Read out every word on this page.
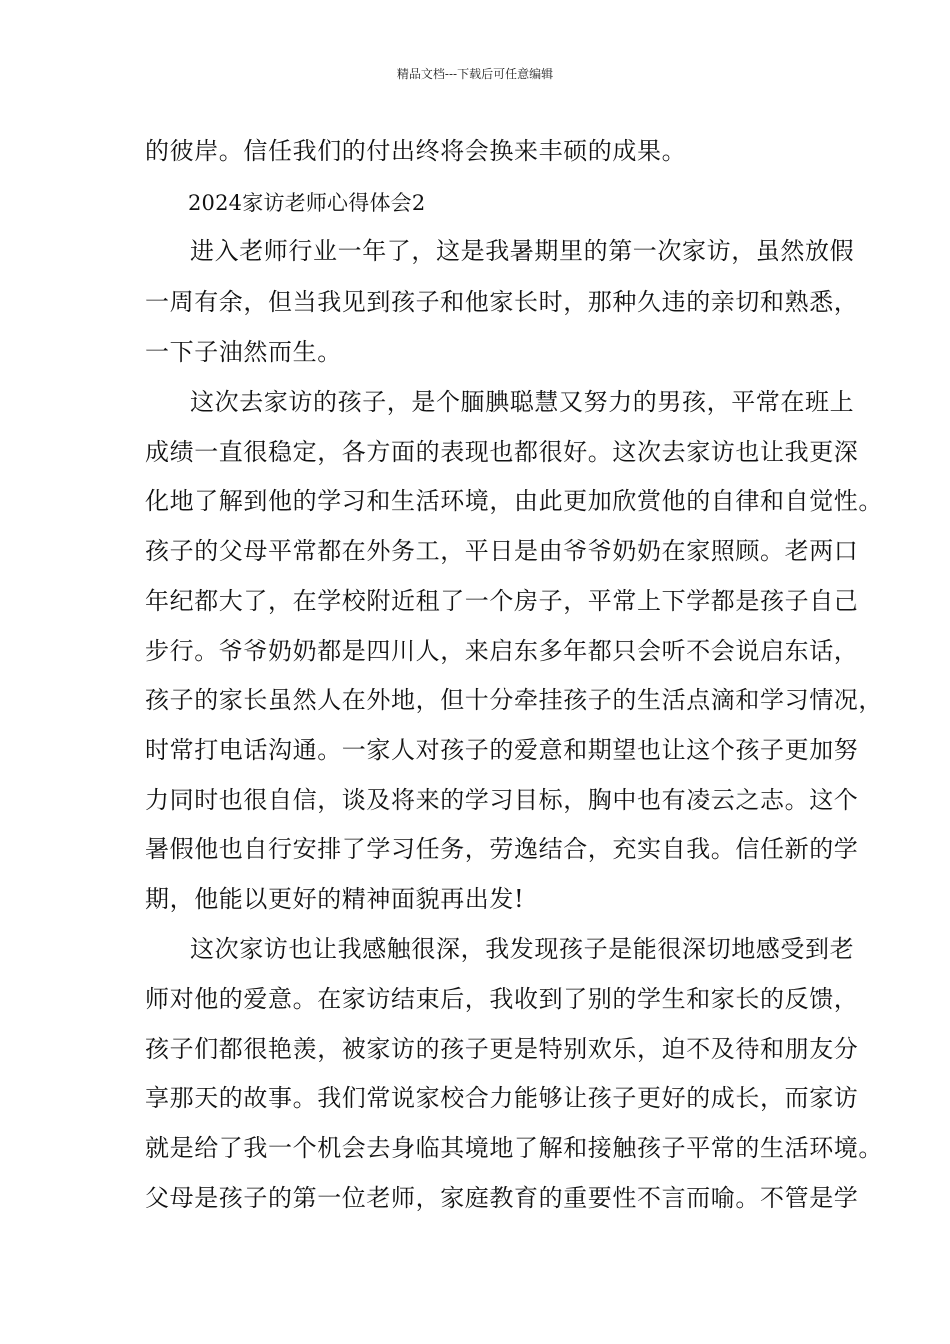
精品文档---下载后可任意编辑
的彼岸。信任我们的付出终将会换来丰硕的成果。
2024家访老师心得体会2
进入老师行业一年了，这是我暑期里的第一次家访，虽然放假
一周有余，但当我见到孩子和他家长时，那种久违的亲切和熟悉，
一下子油然而生。
这次去家访的孩子，是个腼腆聪慧又努力的男孩，平常在班上
成绩一直很稳定，各方面的表现也都很好。这次去家访也让我更深
化地了解到他的学习和生活环境，由此更加欣赏他的自律和自觉性。
孩子的父母平常都在外务工，平日是由爷爷奶奶在家照顾。老两口
年纪都大了，在学校附近租了一个房子，平常上下学都是孩子自己
步行。爷爷奶奶都是四川人，来启东多年都只会听不会说启东话，
孩子的家长虽然人在外地，但十分牵挂孩子的生活点滴和学习情况，
时常打电话沟通。一家人对孩子的爱意和期望也让这个孩子更加努
力同时也很自信，谈及将来的学习目标，胸中也有凌云之志。这个
暑假他也自行安排了学习任务，劳逸结合，充实自我。信任新的学
期，他能以更好的精神面貌再出发!
这次家访也让我感触很深，我发现孩子是能很深切地感受到老
师对他的爱意。在家访结束后，我收到了别的学生和家长的反馈，
孩子们都很艳羡，被家访的孩子更是特别欢乐，迫不及待和朋友分
享那天的故事。我们常说家校合力能够让孩子更好的成长，而家访
就是给了我一个机会去身临其境地了解和接触孩子平常的生活环境。
父母是孩子的第一位老师，家庭教育的重要性不言而喻。不管是学
